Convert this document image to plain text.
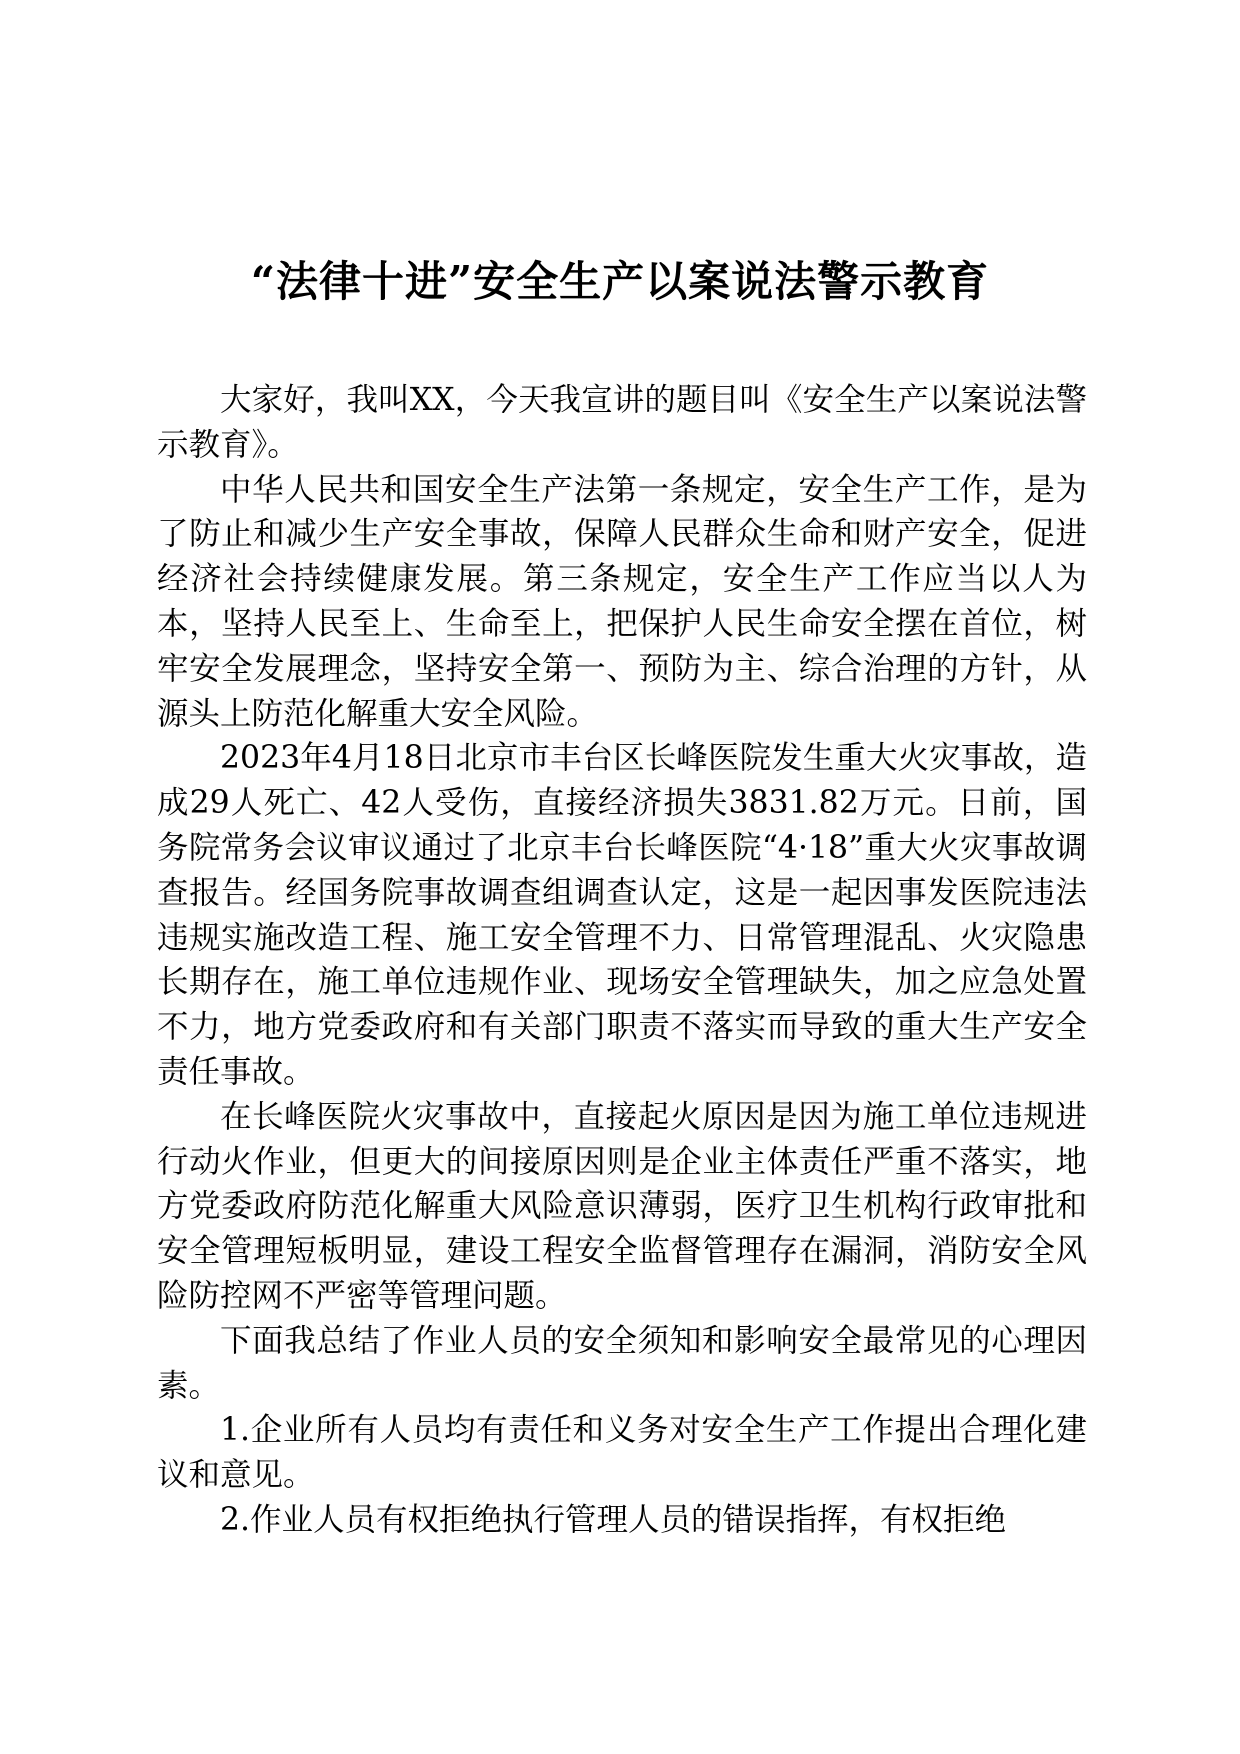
“法律十进”安全生产以案说法警示教育

大家好，我叫XX，今天我宣讲的题目叫《安全生产以案说法警示教育》。

中华人民共和国安全生产法第一条规定，安全生产工作，是为了防止和减少生产安全事故，保障人民群众生命和财产安全，促进经济社会持续健康发展。第三条规定，安全生产工作应当以人为本，坚持人民至上、生命至上，把保护人民生命安全摆在首位，树牢安全发展理念，坚持安全第一、预防为主、综合治理的方针，从源头上防范化解重大安全风险。

2023年4月18日北京市丰台区长峰医院发生重大火灾事故，造成29人死亡、42人受伤，直接经济损失3831.82万元。日前，国务院常务会议审议通过了北京丰台长峰医院“4·18”重大火灾事故调查报告。经国务院事故调查组调查认定，这是一起因事发医院违法违规实施改造工程、施工安全管理不力、日常管理混乱、火灾隐患长期存在，施工单位违规作业、现场安全管理缺失，加之应急处置不力，地方党委政府和有关部门职责不落实而导致的重大生产安全责任事故。

在长峰医院火灾事故中，直接起火原因是因为施工单位违规进行动火作业，但更大的间接原因则是企业主体责任严重不落实，地方党委政府防范化解重大风险意识薄弱，医疗卫生机构行政审批和安全管理短板明显，建设工程安全监督管理存在漏洞，消防安全风险防控网不严密等管理问题。

下面我总结了作业人员的安全须知和影响安全最常见的心理因素。

1.企业所有人员均有责任和义务对安全生产工作提出合理化建议和意见。

2.作业人员有权拒绝执行管理人员的错误指挥，有权拒绝
